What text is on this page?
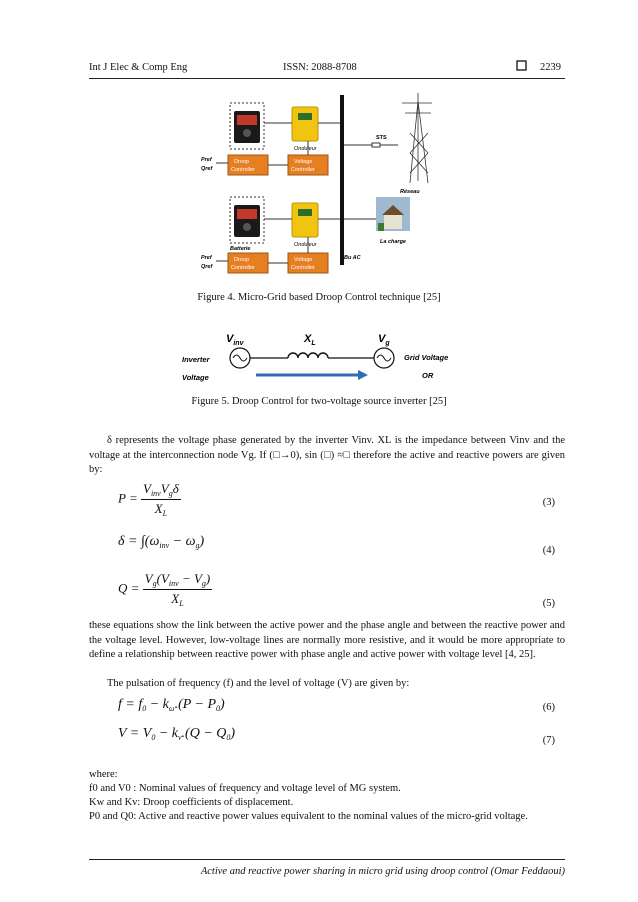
Int J Elec & Comp Eng	ISSN: 2088-8708	2239
Onduleur
Onduleur
Droop
Controller
Voltage
Controller
Droop
Controller
Voltage
Controller
Pref
Qref
Pref
Qref
Bu AC
STS
Réseau
La charge
Batterie
Figure 4. Micro-Grid based Droop Control technique [25]
$V_{inv}$	$X_L$	$V_g$
Inverter
Voltage
Grid Voltage
OR
Figure 5. Droop Control for two-voltage source inverter [25]
δ represents the voltage phase generated by the inverter Vinv. XL is the impedance between Vinv and the voltage at the interconnection node Vg. If (□→0), sin (□) ≈□ therefore the active and reactive powers are given by:
$P = \frac{V_{inv}V_g\delta}{X_L}$	(3)
$\delta = \int(\omega_{inv} - \omega_g)$
(4)
$Q = \frac{V_g(V_{inv} - V_g)}{X_L}$	(5)
these equations show the link between the active power and the phase angle and between the reactive power and the voltage level. However, low-voltage lines are normally more resistive, and it would be more appropriate to define a relationship between reactive power with phase angle and active power with voltage level [4, 25].
The pulsation of frequency (f) and the level of voltage (V) are given by:
$f = f_0 - k_\omega.(P - P_0)$	(6)
$V = V_0 - k_v.(Q - Q_0)$	(7)
where:
f0 and V0 : Nominal values of frequency and voltage level of MG system.
Kw and Kv: Droop coefficients of displacement.
P0 and Q0: Active and reactive power values equivalent to the nominal values of the micro-grid voltage.
Active and reactive power sharing in micro grid using droop control (Omar Feddaoui)
